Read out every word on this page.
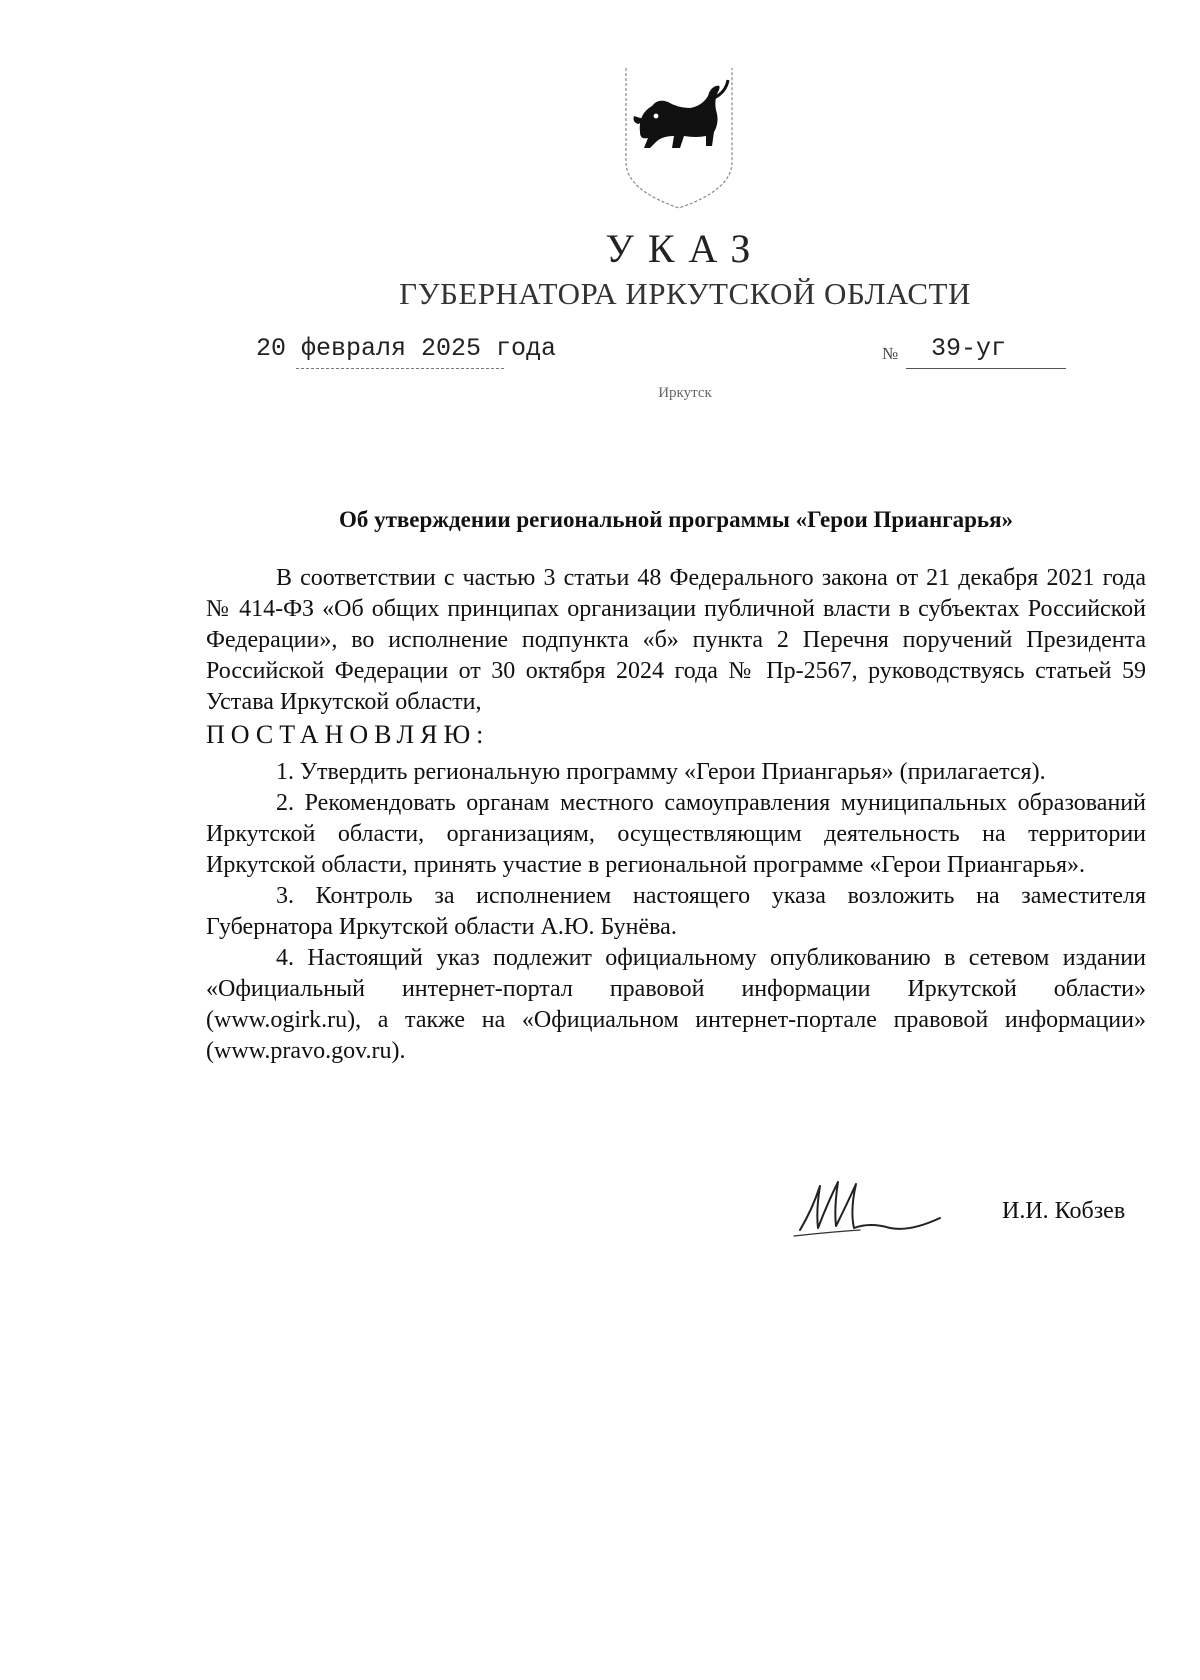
УКАЗ
ГУБЕРНАТОРА ИРКУТСКОЙ ОБЛАСТИ
20 февраля 2025 года	№ 39-уг
Иркутск
Об утверждении региональной программы «Герои Приангарья»

В соответствии с частью 3 статьи 48 Федерального закона от 21 декабря 2021 года № 414-ФЗ «Об общих принципах организации публичной власти в субъектах Российской Федерации», во исполнение подпункта «б» пункта 2 Перечня поручений Президента Российской Федерации от 30 октября 2024 года № Пр-2567, руководствуясь статьей 59 Устава Иркутской области,

ПОСТАНОВЛЯЮ:

1. Утвердить региональную программу «Герои Приангарья» (прилагается).

2. Рекомендовать органам местного самоуправления муниципальных образований Иркутской области, организациям, осуществляющим деятельность на территории Иркутской области, принять участие в региональной программе «Герои Приангарья».

3. Контроль за исполнением настоящего указа возложить на заместителя Губернатора Иркутской области А.Ю. Бунёва.

4. Настоящий указ подлежит официальному опубликованию в сетевом издании «Официальный интернет-портал правовой информации Иркутской области» (www.ogirk.ru), а также на «Официальном интернет-портале правовой информации» (www.pravo.gov.ru).

И.И. Кобзев
